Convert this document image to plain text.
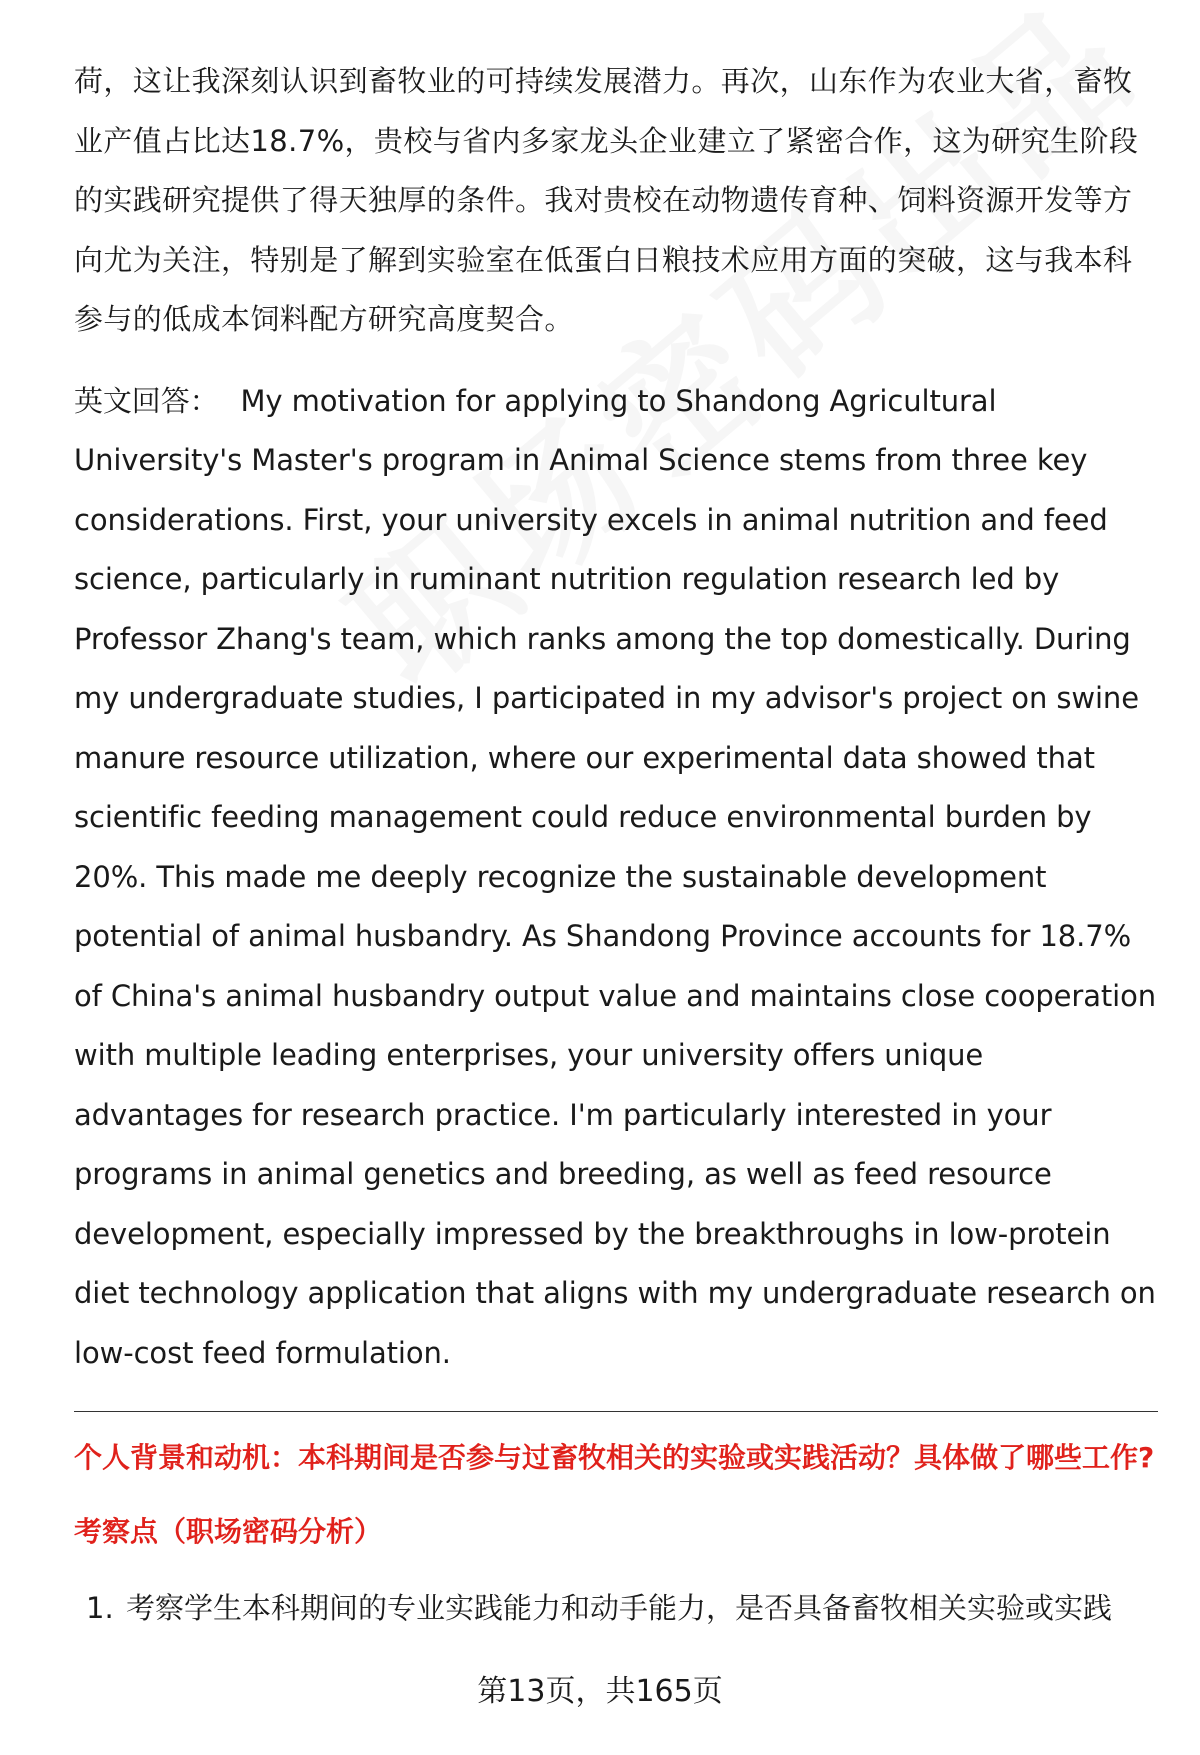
荷，这让我深刻认识到畜牧业的可持续发展潜力。再次，山东作为农业大省，畜牧业产值占比达18.7%，贵校与省内多家龙头企业建立了紧密合作，这为研究生阶段的实践研究提供了得天独厚的条件。我对贵校在动物遗传育种、饲料资源开发等方向尤为关注，特别是了解到实验室在低蛋白日粮技术应用方面的突破，这与我本科参与的低成本饲料配方研究高度契合。

英文回答： My motivation for applying to Shandong Agricultural University's Master's program in Animal Science stems from three key considerations. First, your university excels in animal nutrition and feed science, particularly in ruminant nutrition regulation research led by Professor Zhang's team, which ranks among the top domestically. During my undergraduate studies, I participated in my advisor's project on swine manure resource utilization, where our experimental data showed that scientific feeding management could reduce environmental burden by 20%. This made me deeply recognize the sustainable development potential of animal husbandry. As Shandong Province accounts for 18.7% of China's animal husbandry output value and maintains close cooperation with multiple leading enterprises, your university offers unique advantages for research practice. I'm particularly interested in your programs in animal genetics and breeding, as well as feed resource development, especially impressed by the breakthroughs in low-protein diet technology application that aligns with my undergraduate research on low-cost feed formulation.

个人背景和动机：本科期间是否参与过畜牧相关的实验或实践活动？具体做了哪些工作?
考察点（职场密码分析）
1. 考察学生本科期间的专业实践能力和动手能力，是否具备畜牧相关实验或实践
第13页，共165页
